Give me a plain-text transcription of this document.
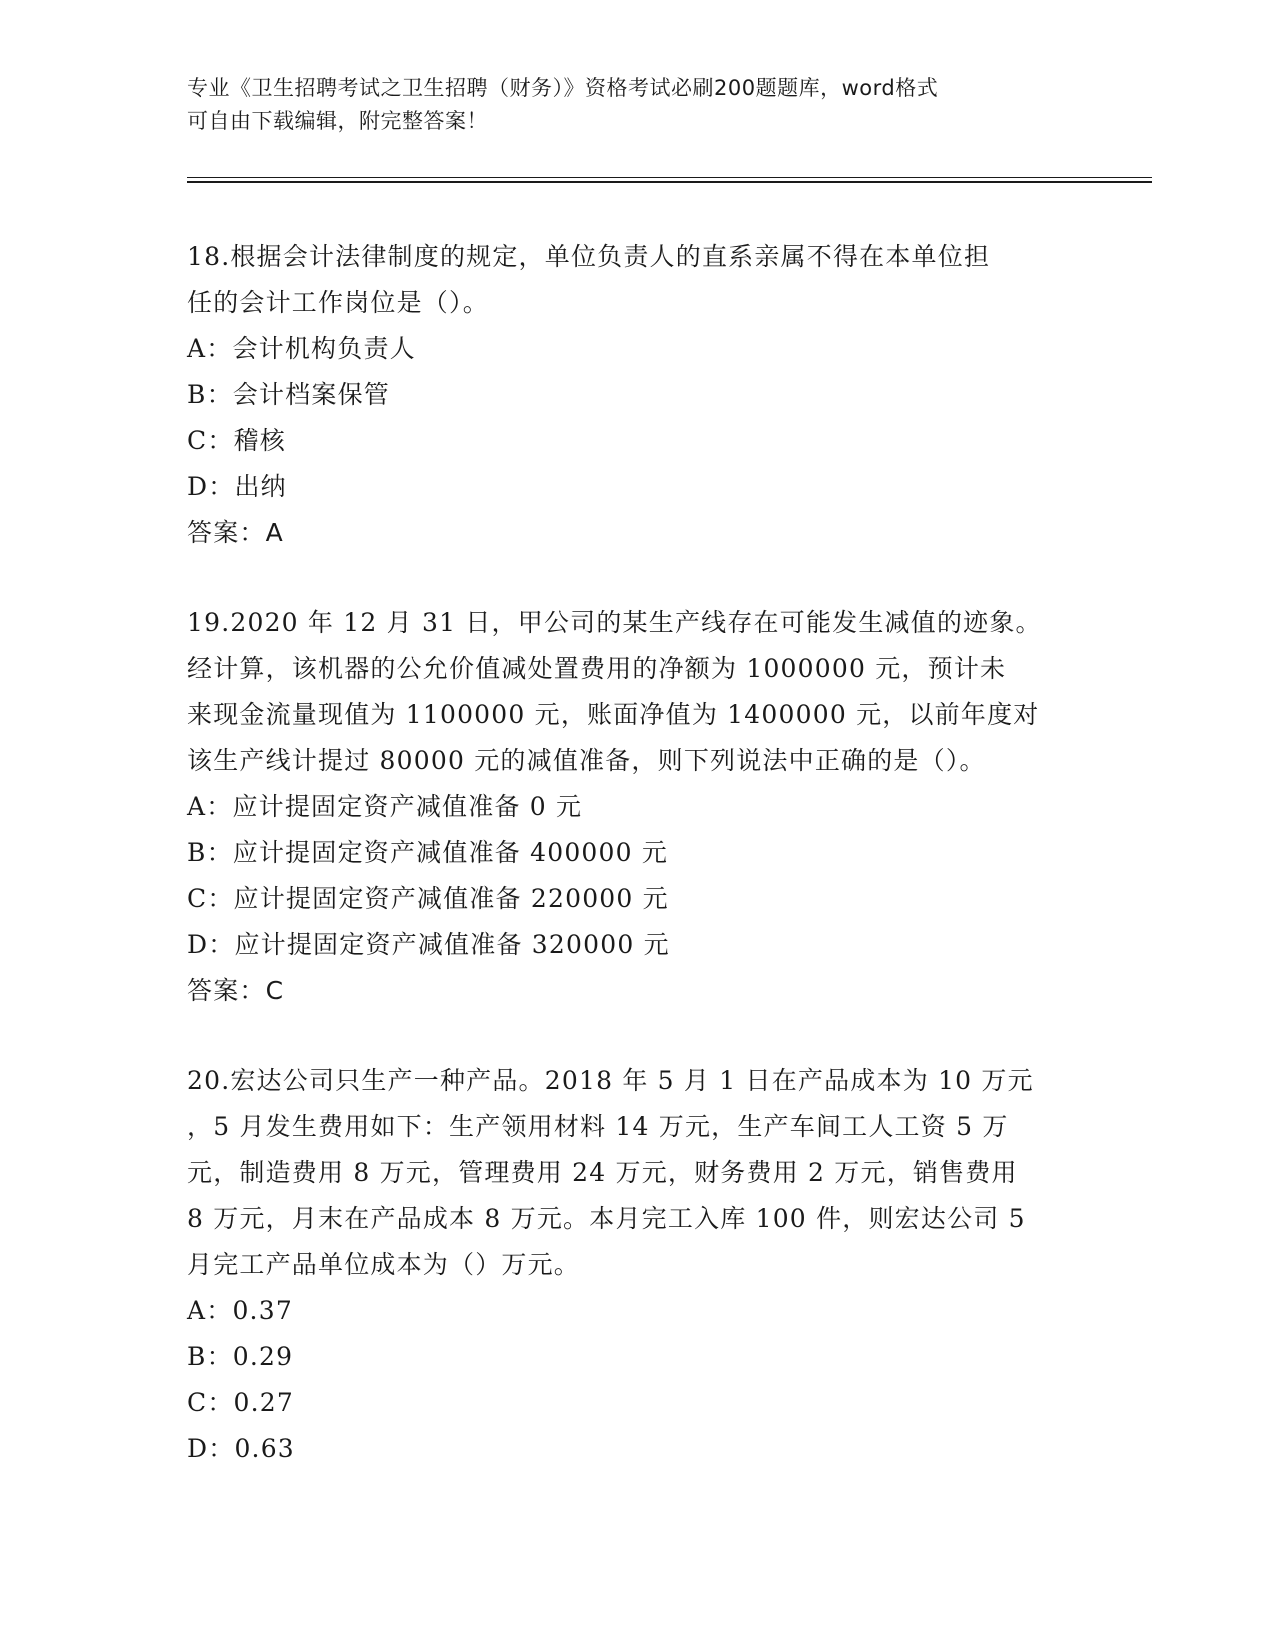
专业《卫生招聘考试之卫生招聘（财务）》资格考试必刷200题题库，word格式
可自由下载编辑，附完整答案！
18.根据会计法律制度的规定，单位负责人的直系亲属不得在本单位担
任的会计工作岗位是（）。
A：会计机构负责人
B：会计档案保管
C：稽核
D：出纳
答案：A
19.2020 年 12 月 31 日，甲公司的某生产线存在可能发生减值的迹象。
经计算，该机器的公允价值减处置费用的净额为 1000000 元，预计未
来现金流量现值为 1100000 元，账面净值为 1400000 元，以前年度对
该生产线计提过 80000 元的减值准备，则下列说法中正确的是（）。
A：应计提固定资产减值准备 0 元
B：应计提固定资产减值准备 400000 元
C：应计提固定资产减值准备 220000 元
D：应计提固定资产减值准备 320000 元
答案：C
20.宏达公司只生产一种产品。2018 年 5 月 1 日在产品成本为 10 万元
，5 月发生费用如下：生产领用材料 14 万元，生产车间工人工资 5 万
元，制造费用 8 万元，管理费用 24 万元，财务费用 2 万元，销售费用
8 万元，月末在产品成本 8 万元。本月完工入库 100 件，则宏达公司 5
月完工产品单位成本为（）万元。
A：0.37
B：0.29
C：0.27
D：0.63
